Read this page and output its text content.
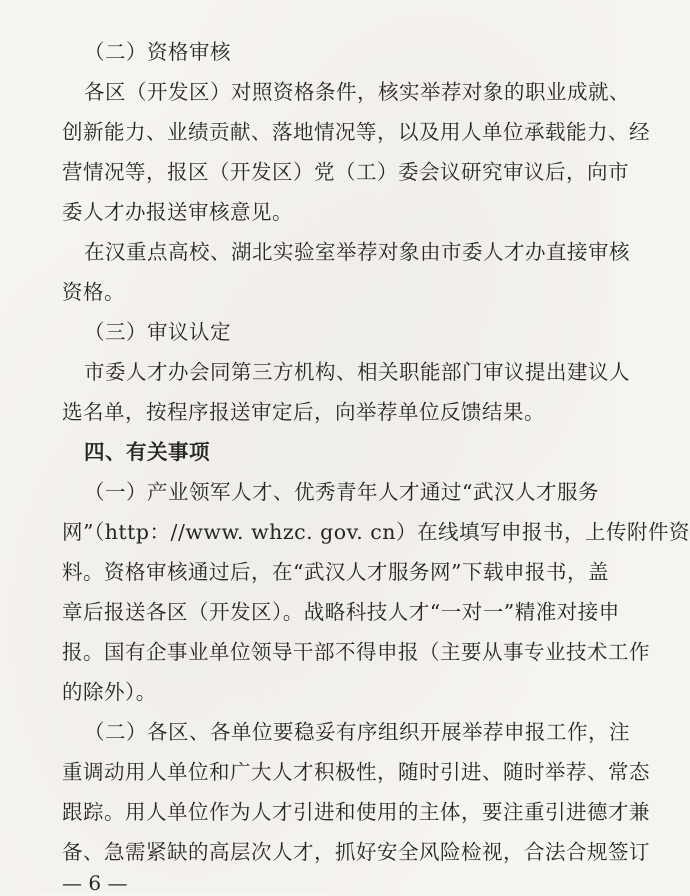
（二）资格审核
各区（开发区）对照资格条件，核实举荐对象的职业成就、
创新能力、业绩贡献、落地情况等，以及用人单位承载能力、经
营情况等，报区（开发区）党（工）委会议研究审议后，向市
委人才办报送审核意见。
在汉重点高校、湖北实验室举荐对象由市委人才办直接审核
资格。
（三）审议认定
市委人才办会同第三方机构、相关职能部门审议提出建议人
选名单，按程序报送审定后，向举荐单位反馈结果。
四、有关事项
（一）产业领军人才、优秀青年人才通过“武汉人才服务
网”（http：//www. whzc. gov. cn）在线填写申报书，上传附件资
料。资格审核通过后，在“武汉人才服务网”下载申报书，盖
章后报送各区（开发区）。战略科技人才“一对一”精准对接申
报。国有企事业单位领导干部不得申报（主要从事专业技术工作
的除外）。
（二）各区、各单位要稳妥有序组织开展举荐申报工作，注
重调动用人单位和广大人才积极性，随时引进、随时举荐、常态
跟踪。用人单位作为人才引进和使用的主体，要注重引进德才兼
备、急需紧缺的高层次人才，抓好安全风险检视，合法合规签订
— 6 —
